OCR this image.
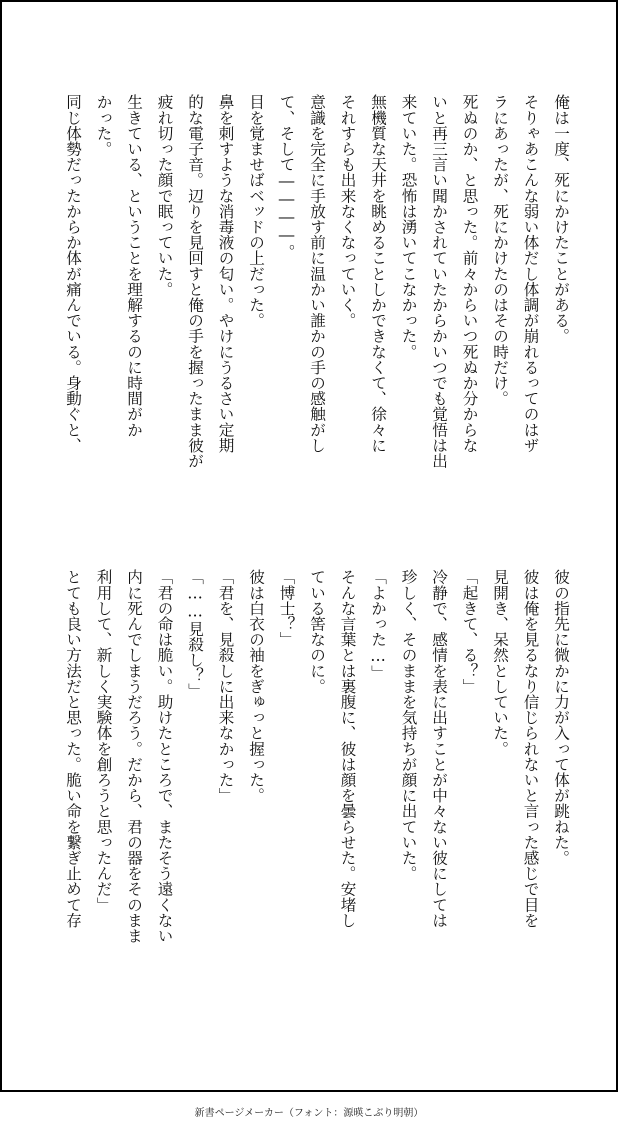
俺は一度、死にかけたことがある。
そりゃあこんな弱い体だし体調が崩れるってのはザ
ラにあったが、死にかけたのはその時だけ。
死ぬのか、と思った。前々からいつ死ぬか分からな
いと再三言い聞かされていたからかいつでも覚悟は出
来ていた。恐怖は湧いてこなかった。
無機質な天井を眺めることしかできなくて、徐々に
それすらも出来なくなっていく。
意識を完全に手放す前に温かい誰かの手の感触がし
て、そして――――。
目を覚ませばベッドの上だった。
鼻を刺すような消毒液の匂い。やけにうるさい定期
的な電子音。辺りを見回すと俺の手を握ったまま彼が
疲れ切った顔で眠っていた。
生きている、ということを理解するのに時間がか
かった。
同じ体勢だったからか体が痛んでいる。身動ぐと、
彼の指先に微かに力が入って体が跳ねた。
彼は俺を見るなり信じられないと言った感じで目を
見開き、呆然としていた。
「起きて、る？」
冷静で、感情を表に出すことが中々ない彼にしては
珍しく、そのままを気持ちが顔に出ていた。
「よかった…」
そんな言葉とは裏腹に、彼は顔を曇らせた。安堵し
ている筈なのに。
「博士？」
彼は白衣の袖をぎゅっと握った。
「君を、見殺しに出来なかった」
「……見殺し？」
「君の命は脆い。助けたところで、またそう遠くない
内に死んでしまうだろう。だから、君の器をそのまま
利用して、新しく実験体を創ろうと思ったんだ」
とても良い方法だと思った。脆い命を繋ぎ止めて存
新書ページメーカー（フォント：源暎こぶり明朝）
